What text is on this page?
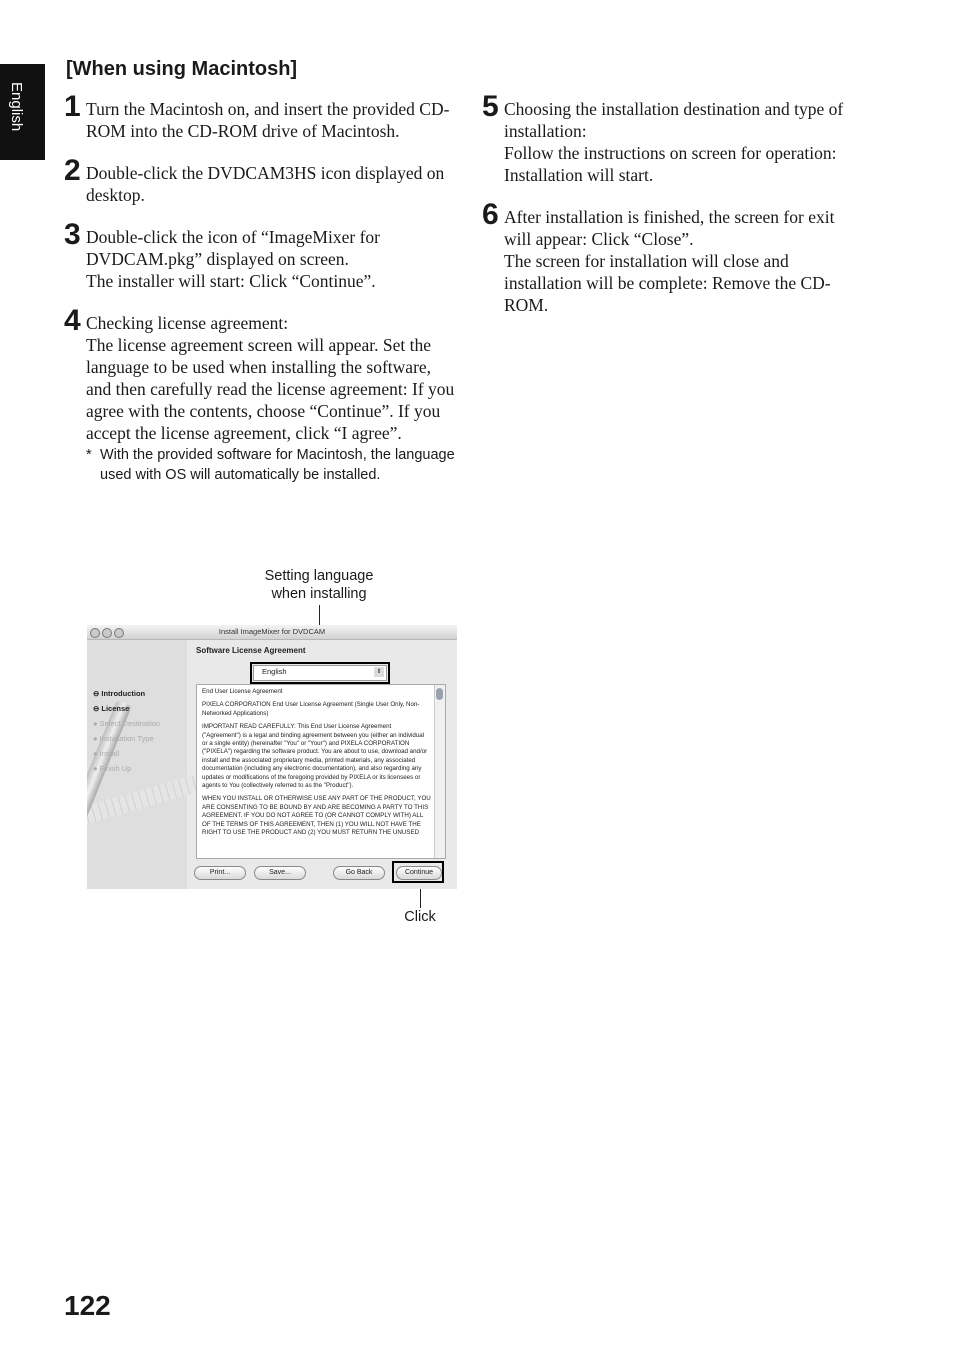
English
[When using Macintosh]
1 Turn the Macintosh on, and insert the provided CD-ROM into the CD-ROM drive of Macintosh.

2 Double-click the DVDCAM3HS icon displayed on desktop.

3 Double-click the icon of “ImageMixer for DVDCAM.pkg” displayed on screen.

The installer will start: Click “Continue”.

4 Checking license agreement:

The license agreement screen will appear. Set the language to be used when installing the software, and then carefully read the license agreement: If you agree with the contents, choose “Continue”. If you accept the license agreement, click “I agree”.

* With the provided software for Macintosh, the language used with OS will automatically be installed.
5 Choosing the installation destination and type of installation:

Follow the instructions on screen for operation: Installation will start.

6 After installation is finished, the screen for exit will appear: Click “Close”.

The screen for installation will close and installation will be complete: Remove the CD-ROM.

Setting language when installing
Click
Install ImageMixer for DVDCAM
⊖ Introduction
⊖ License
● Select Destination
● Installation Type
● Install
● Finish Up
Software License Agreement
English	⇕
End User License Agreement
PIXELA CORPORATION End User License Agreement (Single User Only, Non-Networked Applications)
IMPORTANT READ CAREFULLY: This End User License Agreement ("Agreement") is a legal and binding agreement between you (either an individual or a single entity) (hereinafter "You" or "Your") and PIXELA CORPORATION ("PIXELA") regarding the software product. You are about to use, download and/or install and the associated proprietary media, printed materials, any associated documentation (including any electronic documentation), and also regarding any updates or modifications of the foregoing provided by PIXELA or its licensees or agents to You (collectively referred to as the "Product").
WHEN YOU INSTALL OR OTHERWISE USE ANY PART OF THE PRODUCT, YOU ARE CONSENTING TO BE BOUND BY AND ARE BECOMING A PARTY TO THIS AGREEMENT. IF YOU DO NOT AGREE TO (OR CANNOT COMPLY WITH) ALL OF THE TERMS OF THIS AGREEMENT, THEN (1) YOU WILL NOT HAVE THE RIGHT TO USE THE PRODUCT AND (2) YOU MUST RETURN THE UNUSED
Print...	Save...	Go Back	Continue
122
